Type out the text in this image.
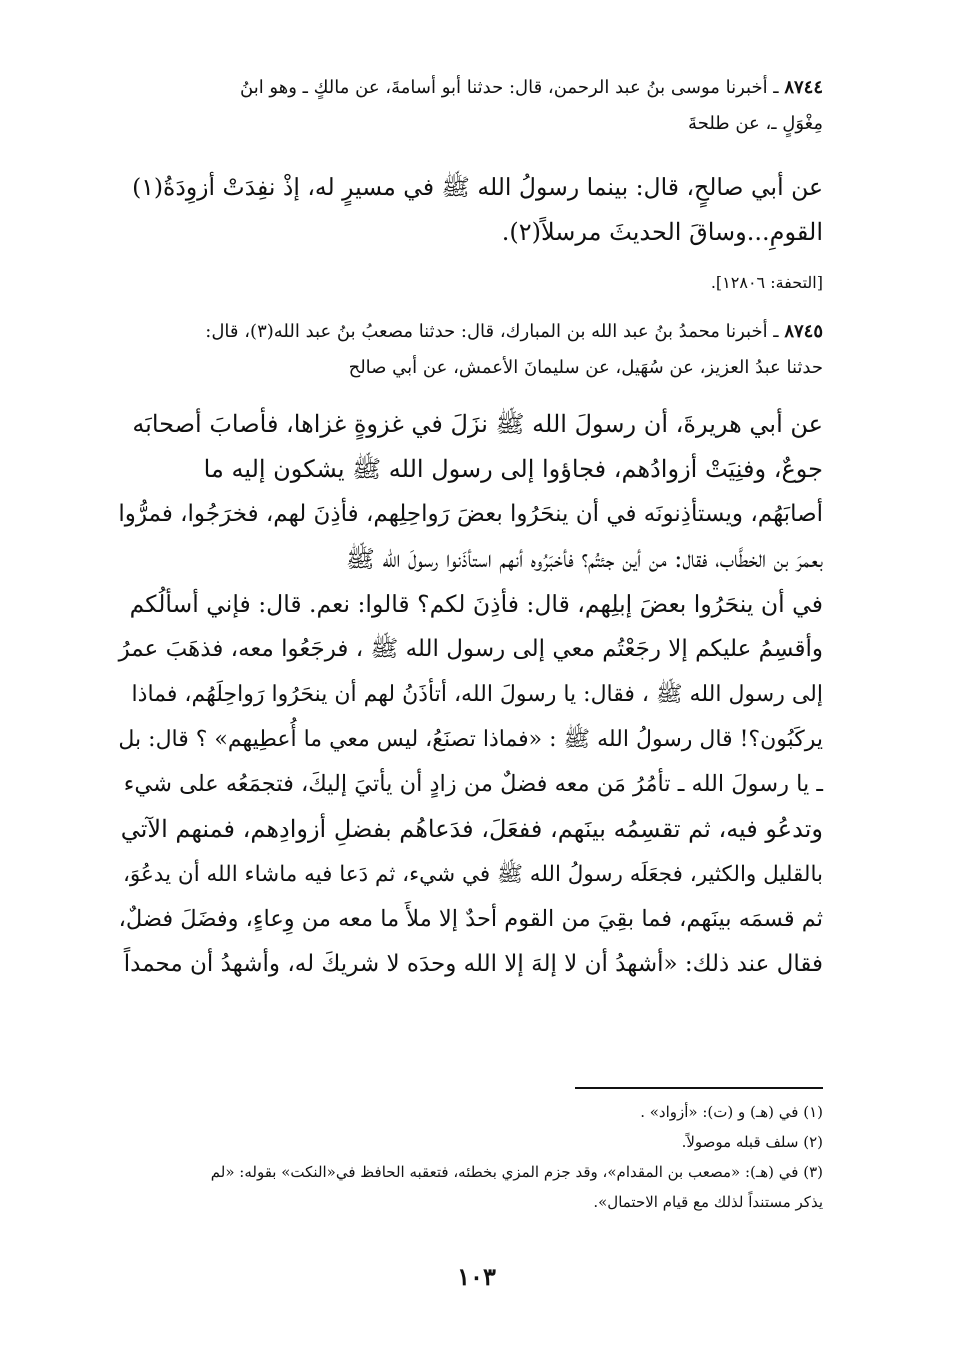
٨٧٤٤ ـ أخبرنا موسى بنُ عبد الرحمن، قال: حدثنا أبو أسامةَ، عن مالكٍ ـ وهو ابنُ
مِغْوَلٍ ـ، عن طلحةَ
عن أبي صالحٍ، قال: بينما رسولُ الله ﷺ في مسيرٍ له، إذْ نفِدَتْ أزوِدَةُ(١)
القومِ...وساقَ الحديثَ مرسلاً(٢).
[التحفة: ١٢٨٠٦].
٨٧٤٥ ـ أخبرنا محمدُ بنُ عبد الله بن المبارك، قال: حدثنا مصعبُ بنُ عبد الله(٣)، قال:
حدثنا عبدُ العزيز، عن سُهَيل، عن سليمانَ الأعمش، عن أبي صالح
عن أبي هريرةَ، أن رسولَ الله ﷺ نزَلَ في غزوةٍ غزاها، فأصابَ أصحابَه
جوعٌ، وفنِيَتْ أزوادُهم، فجاؤوا إلى رسول الله ﷺ يشكون إليه ما
أصابَهُم، ويستأذِنونَه في أن ينحَرُوا بعضَ رَواحِلِهم، فأذِنَ لهم، فخرَجُوا، فمرُّوا
بعمرَ بن الخطَّاب، فقال: من أين جئتُم؟ فأخبَرُوه أنهم استأذَنوا رسولَ الله ﷺ
في أن ينحَرُوا بعضَ إبلِهم، قال: فأذِنَ لكم؟ قالوا: نعم. قال: فإني أسألُكم
وأقسِمُ عليكم إلا رجَعْتُم معي إلى رسول الله ﷺ ، فرجَعُوا معه، فذهَبَ عمرُ
إلى رسول الله ﷺ ، فقال: يا رسولَ الله، أتأذَنُ لهم أن ينحَرُوا رَواحِلَهُم، فماذا
يركَبُون؟! قال رسولُ الله ﷺ : «فماذا تصنَعُ، ليس معي ما أُعطِيهم» ؟ قال: بل
ـ يا رسولَ الله ـ تأمُرُ مَن معه فضلٌ من زادٍ أن يأتيَ إليكَ، فتجمَعُه على شيء
وتدعُو فيه، ثم تقسِمُه بينَهم، ففعَلَ، فدَعاهُم بفضلِ أزوادِهم، فمنهم الآتي
بالقليل والكثير، فجعَلَه رسولُ الله ﷺ في شيء، ثم دَعا فيه ماشاء الله أن يدعُوَ،
ثم قسمَه بينَهم، فما بقِيَ من القوم أحدٌ إلا ملأَ ما معه من وِعاءٍ، وفضَلَ فضلٌ،
فقال عند ذلك: «أشهدُ أن لا إلهَ إلا الله وحدَه لا شريكَ له، وأشهدُ أن محمداً
(١) في (هـ) و (ت): «أزواد» .
(٢) سلف قبله موصولاً.
(٣) في (هـ): «مصعب بن المقدام»، وقد جزم المزي بخطئه، فتعقبه الحافظ في«النكت» بقوله: «لم
يذكر مستنداً لذلك مع قيام الاحتمال».
١٠٣
